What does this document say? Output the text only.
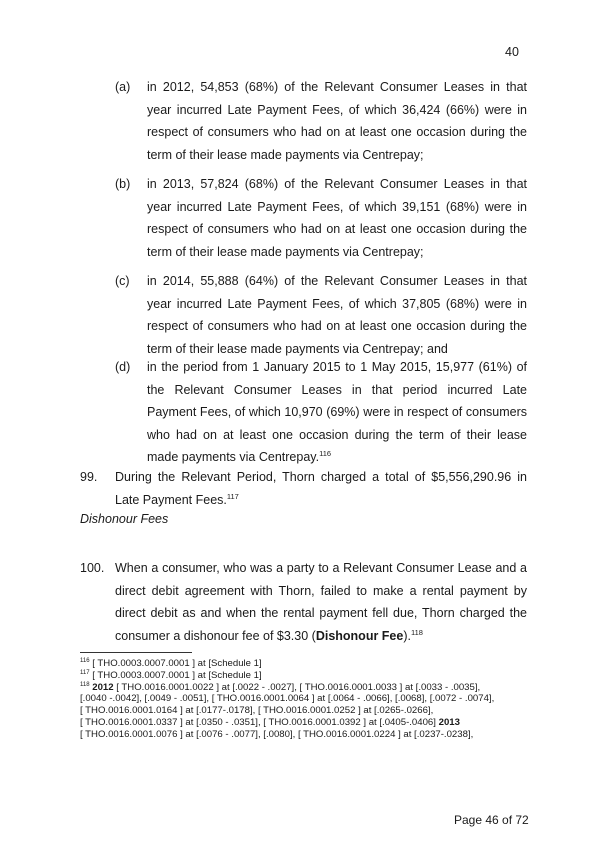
40
(a) in 2012, 54,853 (68%) of the Relevant Consumer Leases in that year incurred Late Payment Fees, of which 36,424 (66%) were in respect of consumers who had on at least one occasion during the term of their lease made payments via Centrepay;
(b) in 2013, 57,824 (68%) of the Relevant Consumer Leases in that year incurred Late Payment Fees, of which 39,151 (68%) were in respect of consumers who had on at least one occasion during the term of their lease made payments via Centrepay;
(c) in 2014, 55,888 (64%) of the Relevant Consumer Leases in that year incurred Late Payment Fees, of which 37,805 (68%) were in respect of consumers who had on at least one occasion during the term of their lease made payments via Centrepay; and
(d) in the period from 1 January 2015 to 1 May 2015, 15,977 (61%) of the Relevant Consumer Leases in that period incurred Late Payment Fees, of which 10,970 (69%) were in respect of consumers who had on at least one occasion during the term of their lease made payments via Centrepay.$^{116}$
99. During the Relevant Period, Thorn charged a total of $5,556,290.96 in Late Payment Fees.$^{117}$
Dishonour Fees
100. When a consumer, who was a party to a Relevant Consumer Lease and a direct debit agreement with Thorn, failed to make a rental payment by direct debit as and when the rental payment fell due, Thorn charged the consumer a dishonour fee of $3.30 (Dishonour Fee).$^{118}$
$^{116}$ [ THO.0003.0007.0001 ] at [Schedule 1]
$^{117}$ [ THO.0003.0007.0001 ] at [Schedule 1]
$^{118}$ 2012 [ THO.0016.0001.0022 ] at [.0022 - .0027], [ THO.0016.0001.0033 ] at [.0033 - .0035],
[.0040 -.0042], [.0049 - .0051], [ THO.0016.0001.0064 ] at [.0064 - .0066], [.0068], [.0072 - .0074],
[ THO.0016.0001.0164 ] at [.0177-.0178], [ THO.0016.0001.0252 ] at [.0265-.0266],
[ THO.0016.0001.0337 ] at [.0350 - .0351], [ THO.0016.0001.0392 ] at [.0405-.0406] 2013
[ THO.0016.0001.0076 ] at [.0076 - .0077], [.0080], [ THO.0016.0001.0224 ] at [.0237-.0238],
Page 46 of 72
